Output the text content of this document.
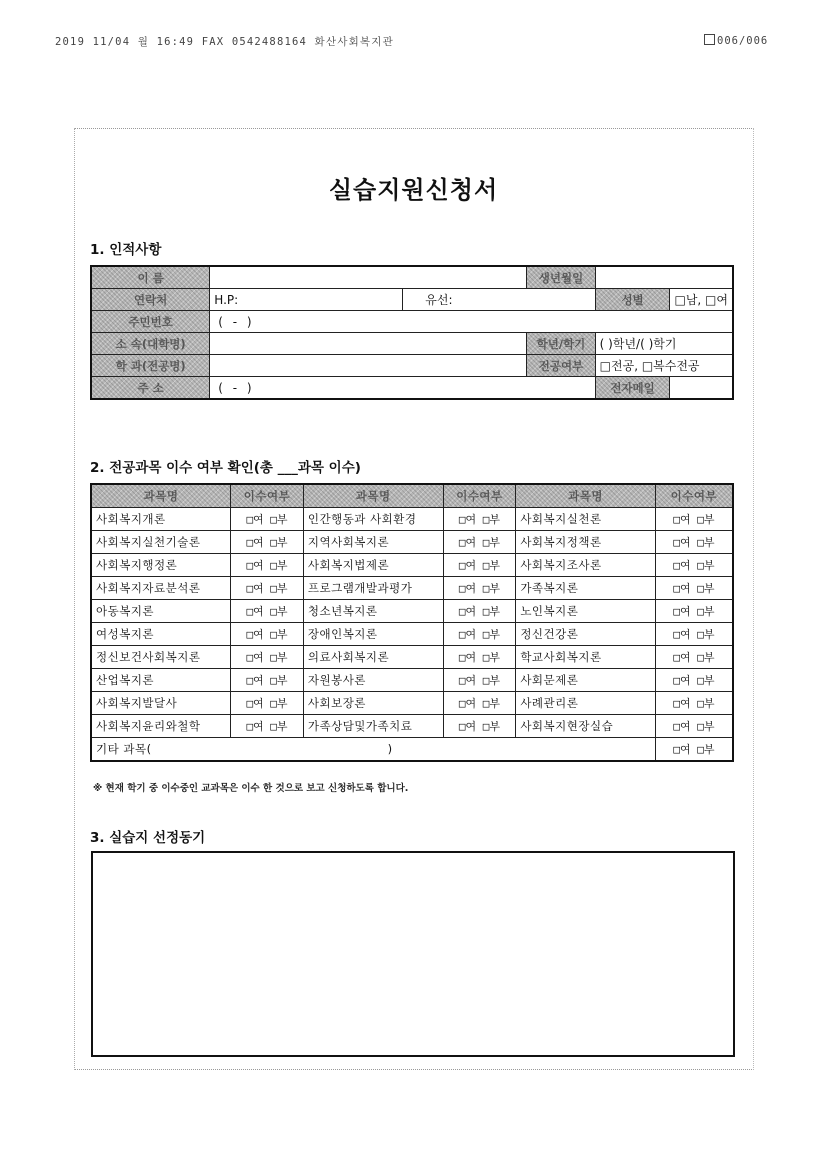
2019 11/04 월 16:49 FAX 0542488164 화산사회복지관	006/006
실습지원신청서
1. 인적사항
이 름			생년월일		
연락처	H.P:	유선:		성별	□남, □여
주민번호	( - )				
소 속(대학명)			학년/학기	( )학년/( )학기	
학 과(전공명)			전공여부	□전공, □복수전공	
주 소	( - )			전자메일	
2. 전공과목 이수 여부 확인(총 ___과목 이수)
과목명	이수여부	과목명	이수여부	과목명	이수여부
사회복지개론	□여 □부	인간행동과 사회환경	□여 □부	사회복지실천론	□여 □부
사회복지실천기술론	□여 □부	지역사회복지론	□여 □부	사회복지정책론	□여 □부
사회복지행정론	□여 □부	사회복지법제론	□여 □부	사회복지조사론	□여 □부
사회복지자료분석론	□여 □부	프로그램개발과평가	□여 □부	가족복지론	□여 □부
아동복지론	□여 □부	청소년복지론	□여 □부	노인복지론	□여 □부
여성복지론	□여 □부	장애인복지론	□여 □부	정신건강론	□여 □부
정신보건사회복지론	□여 □부	의료사회복지론	□여 □부	학교사회복지론	□여 □부
산업복지론	□여 □부	자원봉사론	□여 □부	사회문제론	□여 □부
사회복지발달사	□여 □부	사회보장론	□여 □부	사례관리론	□여 □부
사회복지윤리와철학	□여 □부	가족상담및가족치료	□여 □부	사회복지현장실습	□여 □부
기타 과목( )					□여 □부
※ 현재 학기 중 이수중인 교과목은 이수 한 것으로 보고 신청하도록 합니다.
3. 실습지 선정동기
